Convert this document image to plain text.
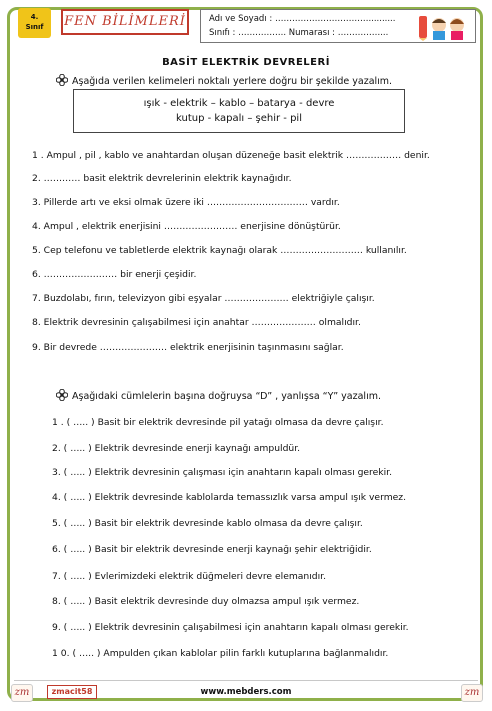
4.
Sınıf	FEN BİLİMLERİ	Adı ve Soyadı : ……………………………..........
Sınıfı : …………….. Numarası : ……………...
BASİT ELEKTRİK DEVRELERİ
Aşağıda verilen kelimeleri noktalı yerlere doğru bir şekilde yazalım.
ışık - elektrik – kablo – batarya - devre
kutup - kapalı – şehir - pil
1 . Ampul , pil , kablo ve anahtardan oluşan düzeneğe basit elektrik ……………… denir.
2. ………… basit elektrik devrelerinin elektrik kaynağıdır.
3. Pillerde artı ve eksi olmak üzere iki …………………………… vardır.
4. Ampul , elektrik enerjisini …………………… enerjisine dönüştürür.
5. Cep telefonu ve tabletlerde elektrik kaynağı olarak ……………………… kullanılır.
6. …………………… bir enerji çeşidir.
7. Buzdolabı, fırın, televizyon gibi eşyalar ………………… elektriğiyle çalışır.
8. Elektrik devresinin çalışabilmesi için anahtar ………………… olmalıdır.
9. Bir devrede …………………. elektrik enerjisinin taşınmasını sağlar.
Aşağıdaki cümlelerin başına doğruysa “D” , yanlışsa “Y” yazalım.
1 . ( ….. ) Basit bir elektrik devresinde pil yatağı olmasa da devre çalışır.
2. ( ….. ) Elektrik devresinde enerji kaynağı ampuldür.
3. ( ….. ) Elektrik devresinin çalışması için anahtarın kapalı olması gerekir.
4. ( ….. ) Elektrik devresinde kablolarda temassızlık varsa ampul ışık vermez.
5. ( ….. ) Basit bir elektrik devresinde kablo olmasa da devre çalışır.
6. ( ….. ) Basit bir elektrik devresinde enerji kaynağı şehir elektriğidir.
7. ( ….. ) Evlerimizdeki elektrik düğmeleri devre elemanıdır.
8. ( ….. ) Basit elektrik devresinde duy olmazsa ampul ışık vermez.
9. ( ….. ) Elektrik devresinin çalışabilmesi için anahtarın kapalı olması gerekir.
1 0. ( ….. ) Ampulden çıkan kablolar pilin farklı kutuplarına bağlanmalıdır.
zm	zmacit58	www.mebders.com	zm
